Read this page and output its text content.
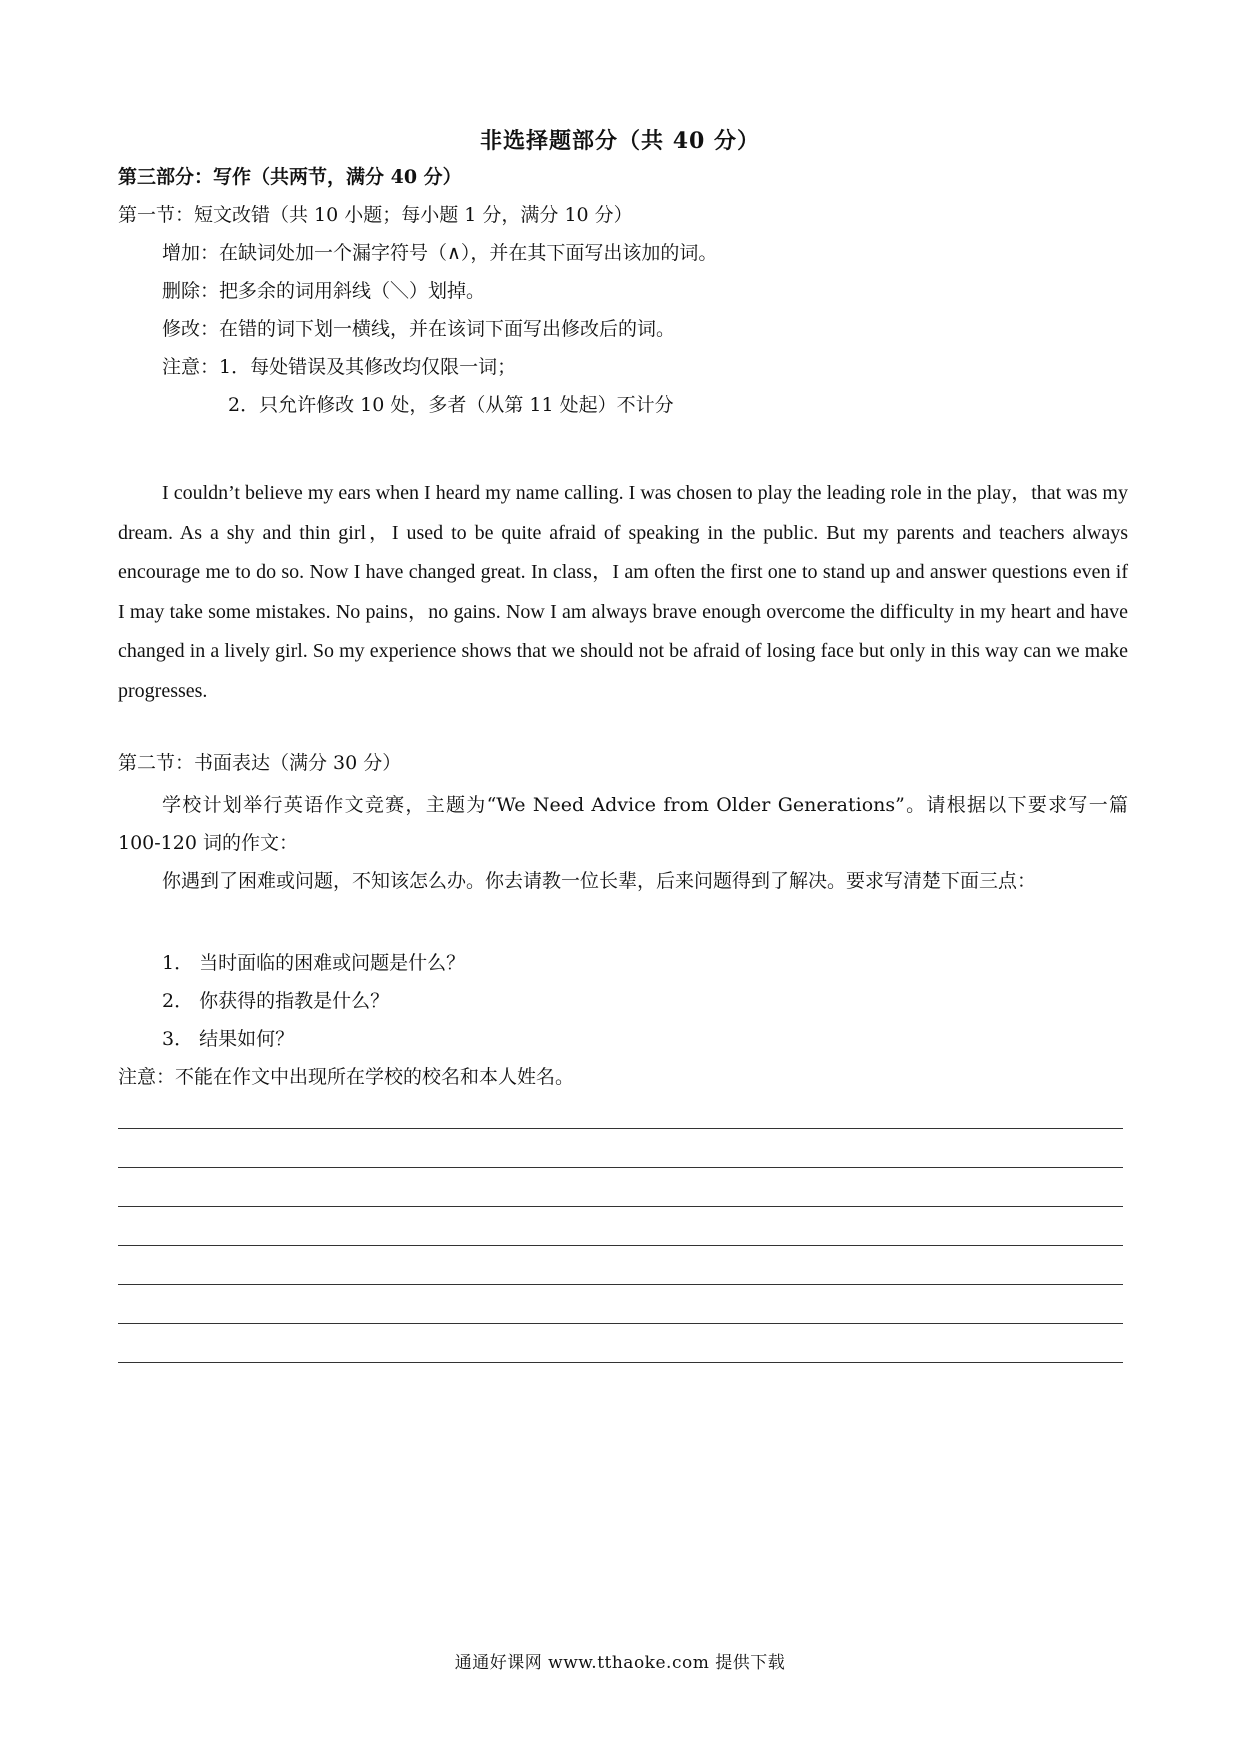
非选择题部分（共 40 分）
第三部分：写作（共两节，满分 40 分）
第一节：短文改错（共 10 小题；每小题 1 分，满分 10 分）
增加：在缺词处加一个漏字符号（∧），并在其下面写出该加的词。
删除：把多余的词用斜线（＼）划掉。
修改：在错的词下划一横线，并在该词下面写出修改后的词。
注意：1．每处错误及其修改均仅限一词；
2．只允许修改 10 处，多者（从第 11 处起）不计分
I couldn’t believe my ears when I heard my name calling. I was chosen to play the leading role in the play，that was my dream. As a shy and thin girl，I used to be quite afraid of speaking in the public. But my parents and teachers always encourage me to do so. Now I have changed great. In class，I am often the first one to stand up and answer questions even if I may take some mistakes. No pains，no gains. Now I am always brave enough overcome the difficulty in my heart and have changed in a lively girl. So my experience shows that we should not be afraid of losing face but only in this way can we make progresses.
第二节：书面表达（满分 30 分）
学校计划举行英语作文竞赛，主题为“We Need Advice from Older Generations”。请根据以下要求写一篇 100-120 词的作文：
你遇到了困难或问题，不知该怎么办。你去请教一位长辈，后来问题得到了解决。要求写清楚下面三点：
1． 当时面临的困难或问题是什么？
2． 你获得的指教是什么？
3． 结果如何？
注意：不能在作文中出现所在学校的校名和本人姓名。
通通好课网 www.tthaoke.com 提供下载
